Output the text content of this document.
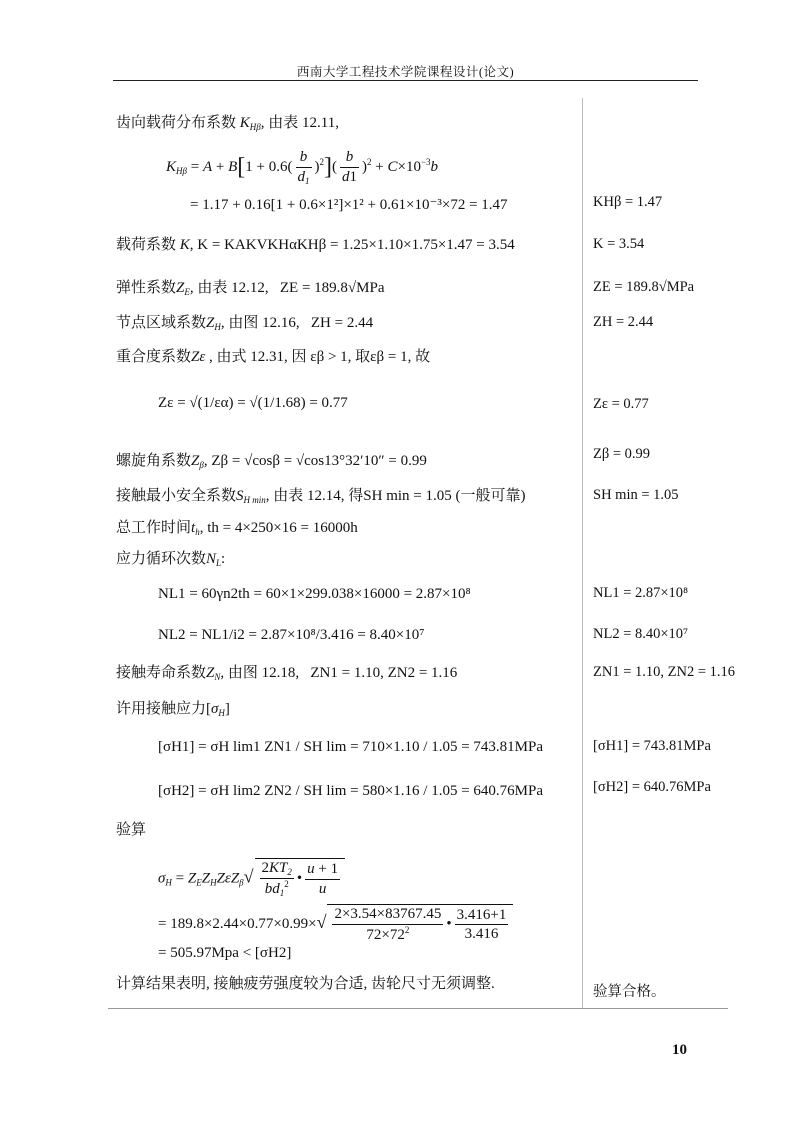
西南大学工程技术学院课程设计(论文)
10
齿向载荷分布系数 $K_{H\beta}$, 由表 12.11,
$K_{H\beta} = A + B[1 + 0.6( \frac{b}{d_1} )^2]( \frac{b}{d1} )^2 + C\times 10^{-3}b$
= 1.17 + 0.16[1 + 0.6×1²]×1² + 0.61×10⁻³×72 = 1.47
载荷系数 K, K = KAKVKHαKHβ = 1.25×1.10×1.75×1.47 = 3.54
弹性系数$Z_E$, 由表 12.12, ZE = 189.8√MPa
节点区域系数$Z_H$, 由图 12.16, ZH = 2.44
重合度系数Zε , 由式 12.31, 因 εβ > 1, 取εβ = 1, 故
Zε = √(1/εα) = √(1/1.68) = 0.77
螺旋角系数$Z_\beta$, Zβ = √cosβ = √cos13°32′10″ = 0.99
接触最小安全系数$S_{H min}$, 由表 12.14, 得SH min = 1.05 (一般可靠)
总工作时间$t_h$, th = 4×250×16 = 16000h
应力循环次数$N_L$:
NL1 = 60γn2th = 60×1×299.038×16000 = 2.87×10⁸
NL2 = NL1/i2 = 2.87×10⁸/3.416 = 8.40×10⁷
接触寿命系数$Z_N$, 由图 12.18, ZN1 = 1.10, ZN2 = 1.16
许用接触应力$[\sigma_H]$
[σH1] = σH lim1 ZN1 / SH lim = 710×1.10 / 1.05 = 743.81MPa
[σH2] = σH lim2 ZN2 / SH lim = 580×1.16 / 1.05 = 640.76MPa
验算
$\sigma_H = Z_EZ_HZ\varepsilon Z_\beta√ \frac{2KT_2}{bd_1^2}$ • $\frac{u + 1}{u}$
= $189.8\times 2.44\times 0.77\times 0.99\times√ \frac{2\times 3.54\times 83767.45}{72\times 72^2}$ • $\frac{3.416+1}{3.416}$
= 505.97Mpa < [σH2]
计算结果表明, 接触疲劳强度较为合适, 齿轮尺寸无须调整.
KHβ = 1.47
K = 3.54
ZE = 189.8√MPa
ZH = 2.44
Zε = 0.77
Zβ = 0.99
SH min = 1.05
NL1 = 2.87×10⁸
NL2 = 8.40×10⁷
ZN1 = 1.10, ZN2 = 1.16
[σH1] = 743.81MPa
[σH2] = 640.76MPa
验算合格。
